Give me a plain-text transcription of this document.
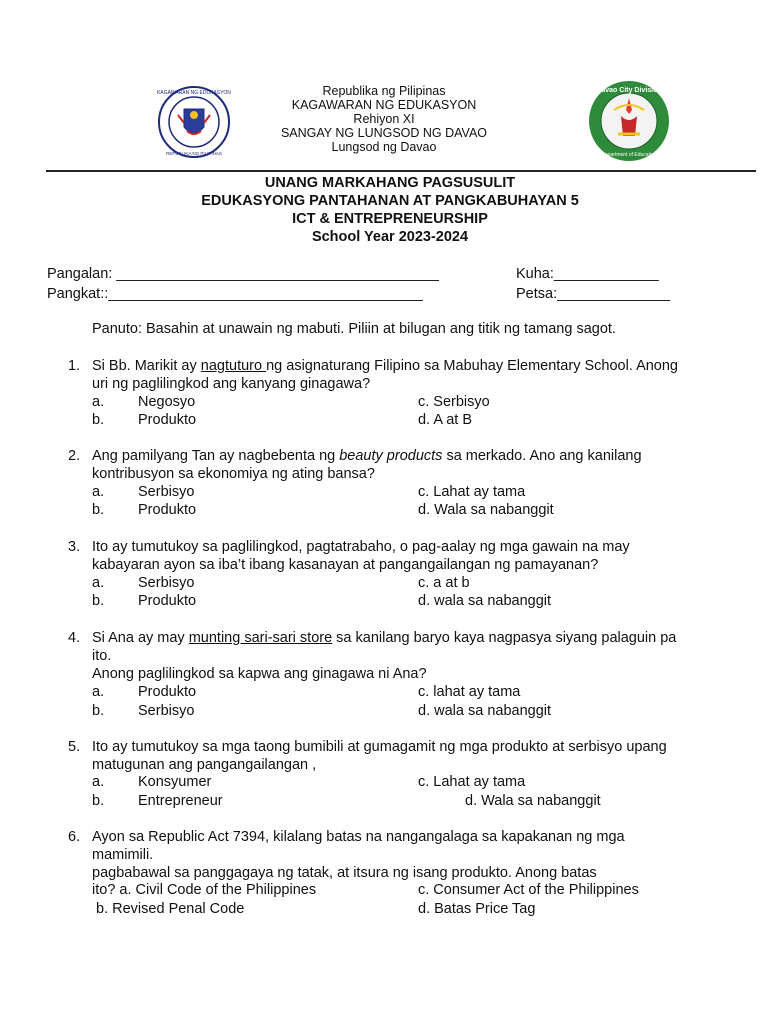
KAGAWARAN NG EDUKASYON
REPUBLIKA NG PILIPINAS
Republika ng Pilipinas
KAGAWARAN NG EDUKASYON
Rehiyon XI
SANGAY NG LUNGSOD NG DAVAO
Lungsod ng Davao
Davao City Division
Department of Education
UNANG MARKAHANG PAGSUSULIT
EDUKASYONG PANTAHANAN AT PANGKABUHAYAN 5
ICT & ENTREPRENEURSHIP
School Year 2023-2024
Pangalan: ________________________________________	Kuha:_____________
Pangkat::_______________________________________	Petsa:______________
Panuto: Basahin at unawain ng mabuti. Piliin at bilugan ang titik ng tamang sagot.
1. Si Bb. Marikit ay nagtuturo ng asignaturang Filipino sa Mabuhay Elementary School. Anong
uri ng paglilingkod ang kanyang ginagawa?
a. Negosyo	c. Serbisyo
b. Produkto	d. A at B
2. Ang pamilyang Tan ay nagbebenta ng beauty products sa merkado. Ano ang kanilang
kontribusyon sa ekonomiya ng ating bansa?
a. Serbisyo	c. Lahat ay tama
b. Produkto	d. Wala sa nabanggit
3. Ito ay tumutukoy sa paglilingkod, pagtatrabaho, o pag-aalay ng mga gawain na may
kabayaran ayon sa iba’t ibang kasanayan at pangangailangan ng pamayanan?
a. Serbisyo	c. a at b
b. Produkto	d. wala sa nabanggit
4. Si Ana ay may munting sari-sari store sa kanilang baryo kaya nagpasya siyang palaguin pa
ito.
Anong paglilingkod sa kapwa ang ginagawa ni Ana?
a. Produkto	c. lahat ay tama
b. Serbisyo	d. wala sa nabanggit
5. Ito ay tumutukoy sa mga taong bumibili at gumagamit ng mga produkto at serbisyo upang
matugunan ang pangangailangan ,
a. Konsyumer	c. Lahat ay tama
b. Entrepreneur	d. Wala sa nabanggit
6. Ayon sa Republic Act 7394, kilalang batas na nangangalaga sa kapakanan ng mga
mamimili.
pagbabawal sa panggagaya ng tatak, at itsura ng isang produkto. Anong batas
ito? a. Civil Code of the Philippines	c. Consumer Act of the Philippines
b. Revised Penal Code	d. Batas Price Tag
